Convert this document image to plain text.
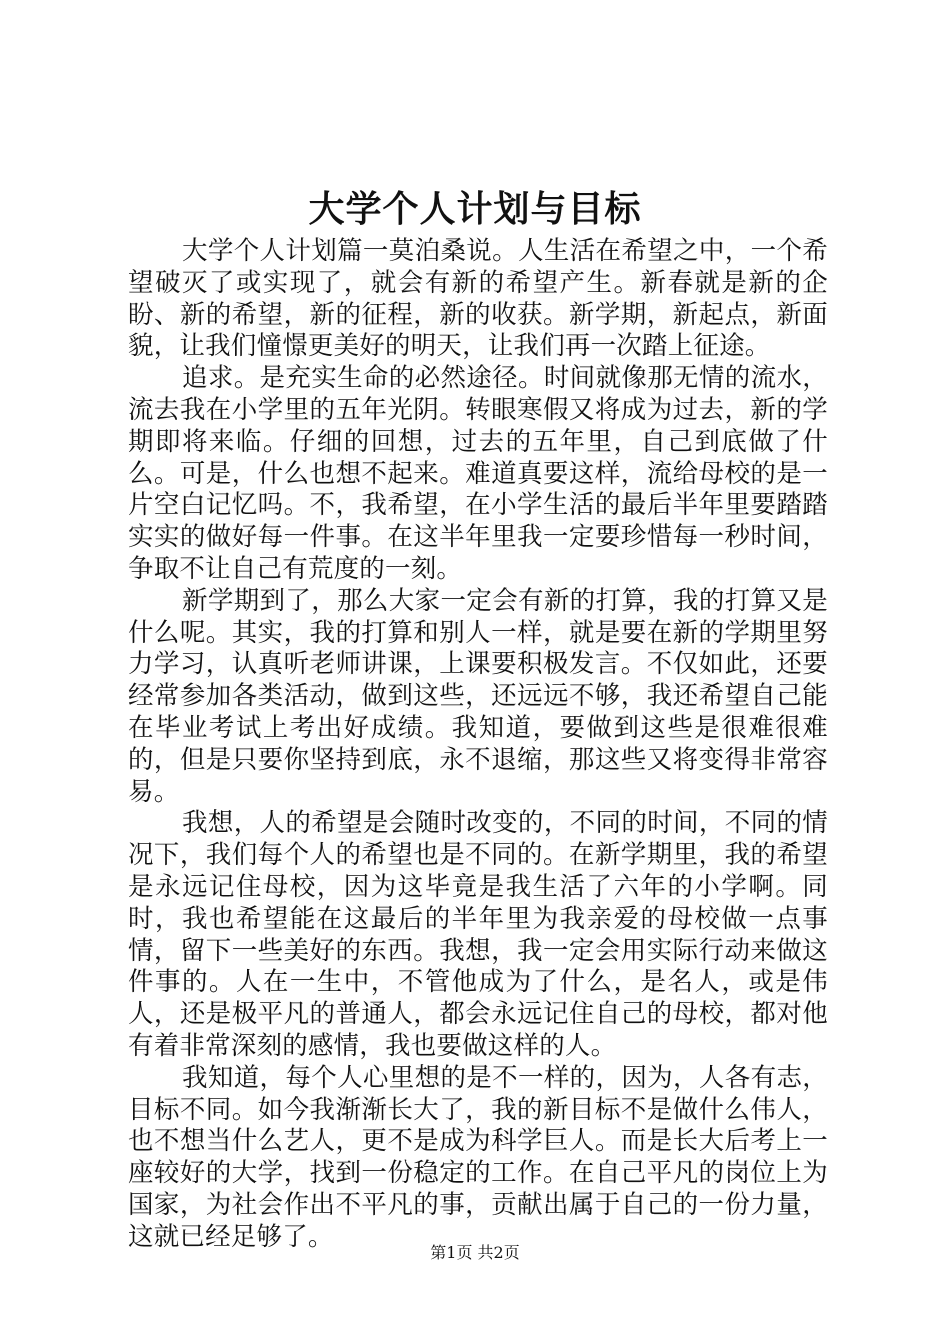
大学个人计划与目标

大学个人计划篇一莫泊桑说。人生活在希望之中，一个希望破灭了或实现了，就会有新的希望产生。新春就是新的企盼、新的希望，新的征程，新的收获。新学期，新起点，新面貌，让我们憧憬更美好的明天，让我们再一次踏上征途。

追求。是充实生命的必然途径。时间就像那无情的流水，流去我在小学里的五年光阴。转眼寒假又将成为过去，新的学期即将来临。仔细的回想，过去的五年里，自己到底做了什么。可是，什么也想不起来。难道真要这样，流给母校的是一片空白记忆吗。不，我希望，在小学生活的最后半年里要踏踏实实的做好每一件事。在这半年里我一定要珍惜每一秒时间，争取不让自己有荒度的一刻。

新学期到了，那么大家一定会有新的打算，我的打算又是什么呢。其实，我的打算和别人一样，就是要在新的学期里努力学习，认真听老师讲课，上课要积极发言。不仅如此，还要经常参加各类活动，做到这些，还远远不够，我还希望自己能在毕业考试上考出好成绩。我知道，要做到这些是很难很难的，但是只要你坚持到底，永不退缩，那这些又将变得非常容易。

我想，人的希望是会随时改变的，不同的时间，不同的情况下，我们每个人的希望也是不同的。在新学期里，我的希望是永远记住母校，因为这毕竟是我生活了六年的小学啊。同时，我也希望能在这最后的半年里为我亲爱的母校做一点事情，留下一些美好的东西。我想，我一定会用实际行动来做这件事的。人在一生中，不管他成为了什么，是名人，或是伟人，还是极平凡的普通人，都会永远记住自己的母校，都对他有着非常深刻的感情，我也要做这样的人。

我知道，每个人心里想的是不一样的，因为，人各有志，目标不同。如今我渐渐长大了，我的新目标不是做什么伟人，也不想当什么艺人，更不是成为科学巨人。而是长大后考上一座较好的大学，找到一份稳定的工作。在自己平凡的岗位上为国家，为社会作出不平凡的事，贡献出属于自己的一份力量，这就已经足够了。

第1页 共2页
